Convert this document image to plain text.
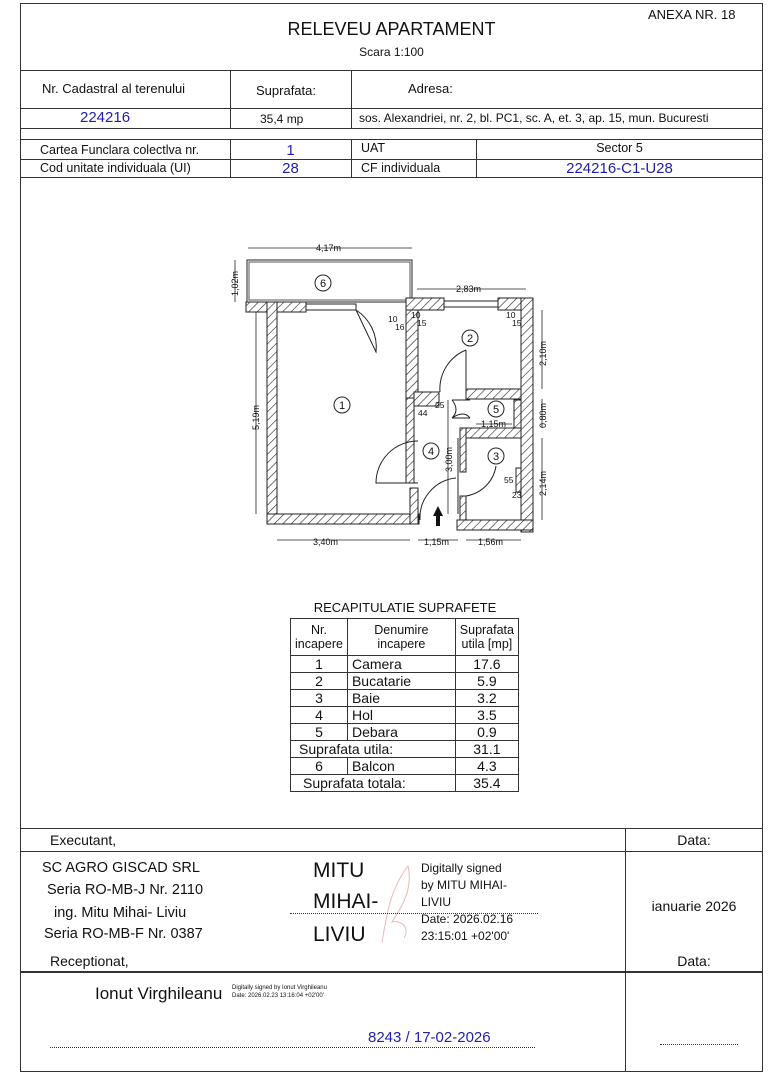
ANEXA NR. 18
RELEVEU APARTAMENT
Scara 1:100
Nr. Cadastral al terenului	Suprafata:	Adresa:
224216	35,4 mp	sos. Alexandriei, nr. 2, bl. PC1, sc. A, et. 3, ap. 15, mun. Bucuresti
Cartea Funclara colectlva nr.	1	UAT	Sector 5
Cod unitate individuala (UI)	28	CF individuala	224216-C1-U28
6
1
2
5
4	3
4,17m
2,83m
3,40m	1,15m	1,56m
1,15m
1,02m
5,19m
2,10m
0,80m
2,14m
3,00m
10
16
10
15
10
15
25
44
55
23
RECAPITULATIE SUPRAFETE
Nr. incapere	Denumire incapere	Suprafata utila [mp]
1	Camera	17.6
2	Bucatarie	5.9
3	Baie	3.2
4	Hol	3.5
5	Debara	0.9
Suprafata utila:		31.1
6	Balcon	4.3
Suprafata totala:		35.4
Executant,	Data:
SC AGRO GISCAD SRL
Seria RO-MB-J Nr. 2110
ing. Mitu Mihai- Liviu
Seria RO-MB-F Nr. 0387
MITU
MIHAI-
LIVIU
Digitally signed
by MITU MIHAI-
LIVIU
Date: 2026.02.16
23:15:01 +02'00'
ianuarie 2026
Receptionat,	Data:
Ionut Virghileanu Digitally signed by Ionut Virghileanu
Date: 2026.02.23 13:16:04 +02'00'
8243 / 17-02-2026
